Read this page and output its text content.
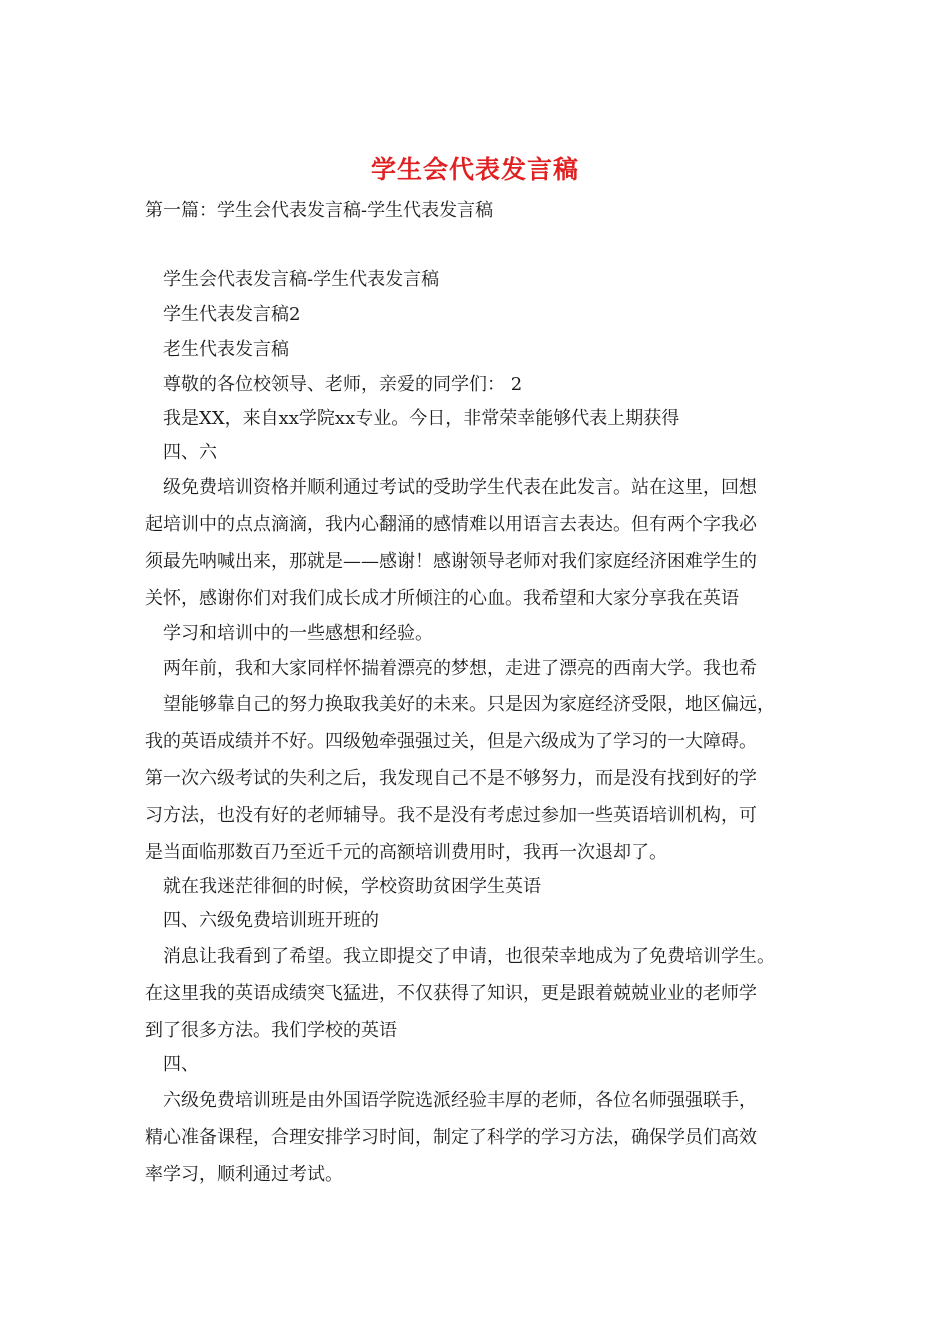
学生会代表发言稿

第一篇：学生会代表发言稿-学生代表发言稿

学生会代表发言稿-学生代表发言稿

学生代表发言稿2

老生代表发言稿

尊敬的各位校领导、老师，亲爱的同学们： 2

我是XX，来自xx学院xx专业。今日，非常荣幸能够代表上期获得

四、六

级免费培训资格并顺利通过考试的受助学生代表在此发言。站在这里，回想

起培训中的点点滴滴，我内心翻涌的感情难以用语言去表达。但有两个字我必

须最先呐喊出来，那就是——感谢！感谢领导老师对我们家庭经济困难学生的

关怀，感谢你们对我们成长成才所倾注的心血。我希望和大家分享我在英语

学习和培训中的一些感想和经验。

两年前，我和大家同样怀揣着漂亮的梦想，走进了漂亮的西南大学。我也希

望能够靠自己的努力换取我美好的未来。只是因为家庭经济受限，地区偏远，

我的英语成绩并不好。四级勉牵强强过关，但是六级成为了学习的一大障碍。

第一次六级考试的失利之后，我发现自己不是不够努力，而是没有找到好的学

习方法，也没有好的老师辅导。我不是没有考虑过参加一些英语培训机构，可

是当面临那数百乃至近千元的高额培训费用时，我再一次退却了。

就在我迷茫徘徊的时候，学校资助贫困学生英语

四、六级免费培训班开班的

消息让我看到了希望。我立即提交了申请，也很荣幸地成为了免费培训学生。

在这里我的英语成绩突飞猛进，不仅获得了知识，更是跟着兢兢业业的老师学

到了很多方法。我们学校的英语

四、

六级免费培训班是由外国语学院选派经验丰厚的老师，各位名师强强联手，

精心准备课程，合理安排学习时间，制定了科学的学习方法，确保学员们高效

率学习，顺利通过考试。
